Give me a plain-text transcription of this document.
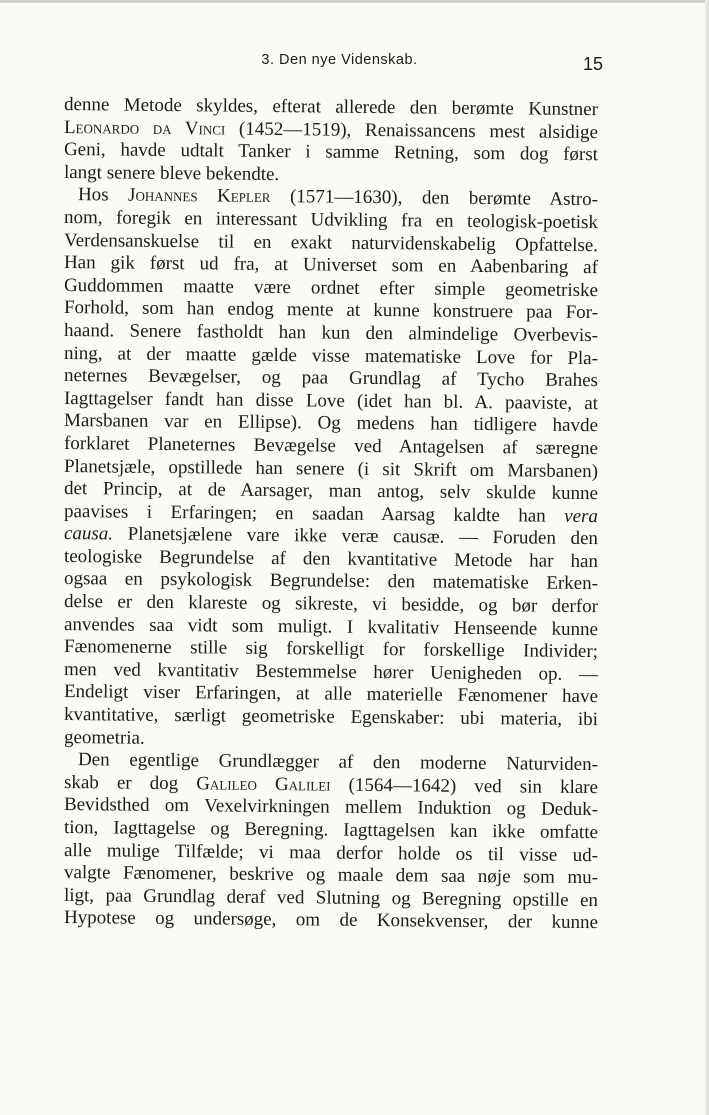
3. Den nye Videnskab.	15
denne Metode skyldes, efterat allerede den berømte Kunstner
Leonardo da Vinci (1452—1519), Renaissancens mest alsidige
Geni, havde udtalt Tanker i samme Retning, som dog først
langt senere bleve bekendte.
Hos Johannes Kepler (1571—1630), den berømte Astro-
nom, foregik en interessant Udvikling fra en teologisk-poetisk
Verdensanskuelse til en exakt naturvidenskabelig Opfattelse.
Han gik først ud fra, at Universet som en Aabenbaring af
Guddommen maatte være ordnet efter simple geometriske
Forhold, som han endog mente at kunne konstruere paa For-
haand. Senere fastholdt han kun den almindelige Overbevis-
ning, at der maatte gælde visse matematiske Love for Pla-
neternes Bevægelser, og paa Grundlag af Tycho Brahes
Iagttagelser fandt han disse Love (idet han bl. A. paaviste, at
Marsbanen var en Ellipse). Og medens han tidligere havde
forklaret Planeternes Bevægelse ved Antagelsen af særegne
Planetsjæle, opstillede han senere (i sit Skrift om Marsbanen)
det Princip, at de Aarsager, man antog, selv skulde kunne
paavises i Erfaringen; en saadan Aarsag kaldte han vera
causa. Planetsjælene vare ikke veræ causæ. — Foruden den
teologiske Begrundelse af den kvantitative Metode har han
ogsaa en psykologisk Begrundelse: den matematiske Erken-
delse er den klareste og sikreste, vi besidde, og bør derfor
anvendes saa vidt som muligt. I kvalitativ Henseende kunne
Fænomenerne stille sig forskelligt for forskellige Individer;
men ved kvantitativ Bestemmelse hører Uenigheden op. —
Endeligt viser Erfaringen, at alle materielle Fænomener have
kvantitative, særligt geometriske Egenskaber: ubi materia, ibi
geometria.
Den egentlige Grundlægger af den moderne Naturviden-
skab er dog Galileo Galilei (1564—1642) ved sin klare
Bevidsthed om Vexelvirkningen mellem Induktion og Deduk-
tion, Iagttagelse og Beregning. Iagttagelsen kan ikke omfatte
alle mulige Tilfælde; vi maa derfor holde os til visse ud-
valgte Fænomener, beskrive og maale dem saa nøje som mu-
ligt, paa Grundlag deraf ved Slutning og Beregning opstille en
Hypotese og undersøge, om de Konsekvenser, der kunne
